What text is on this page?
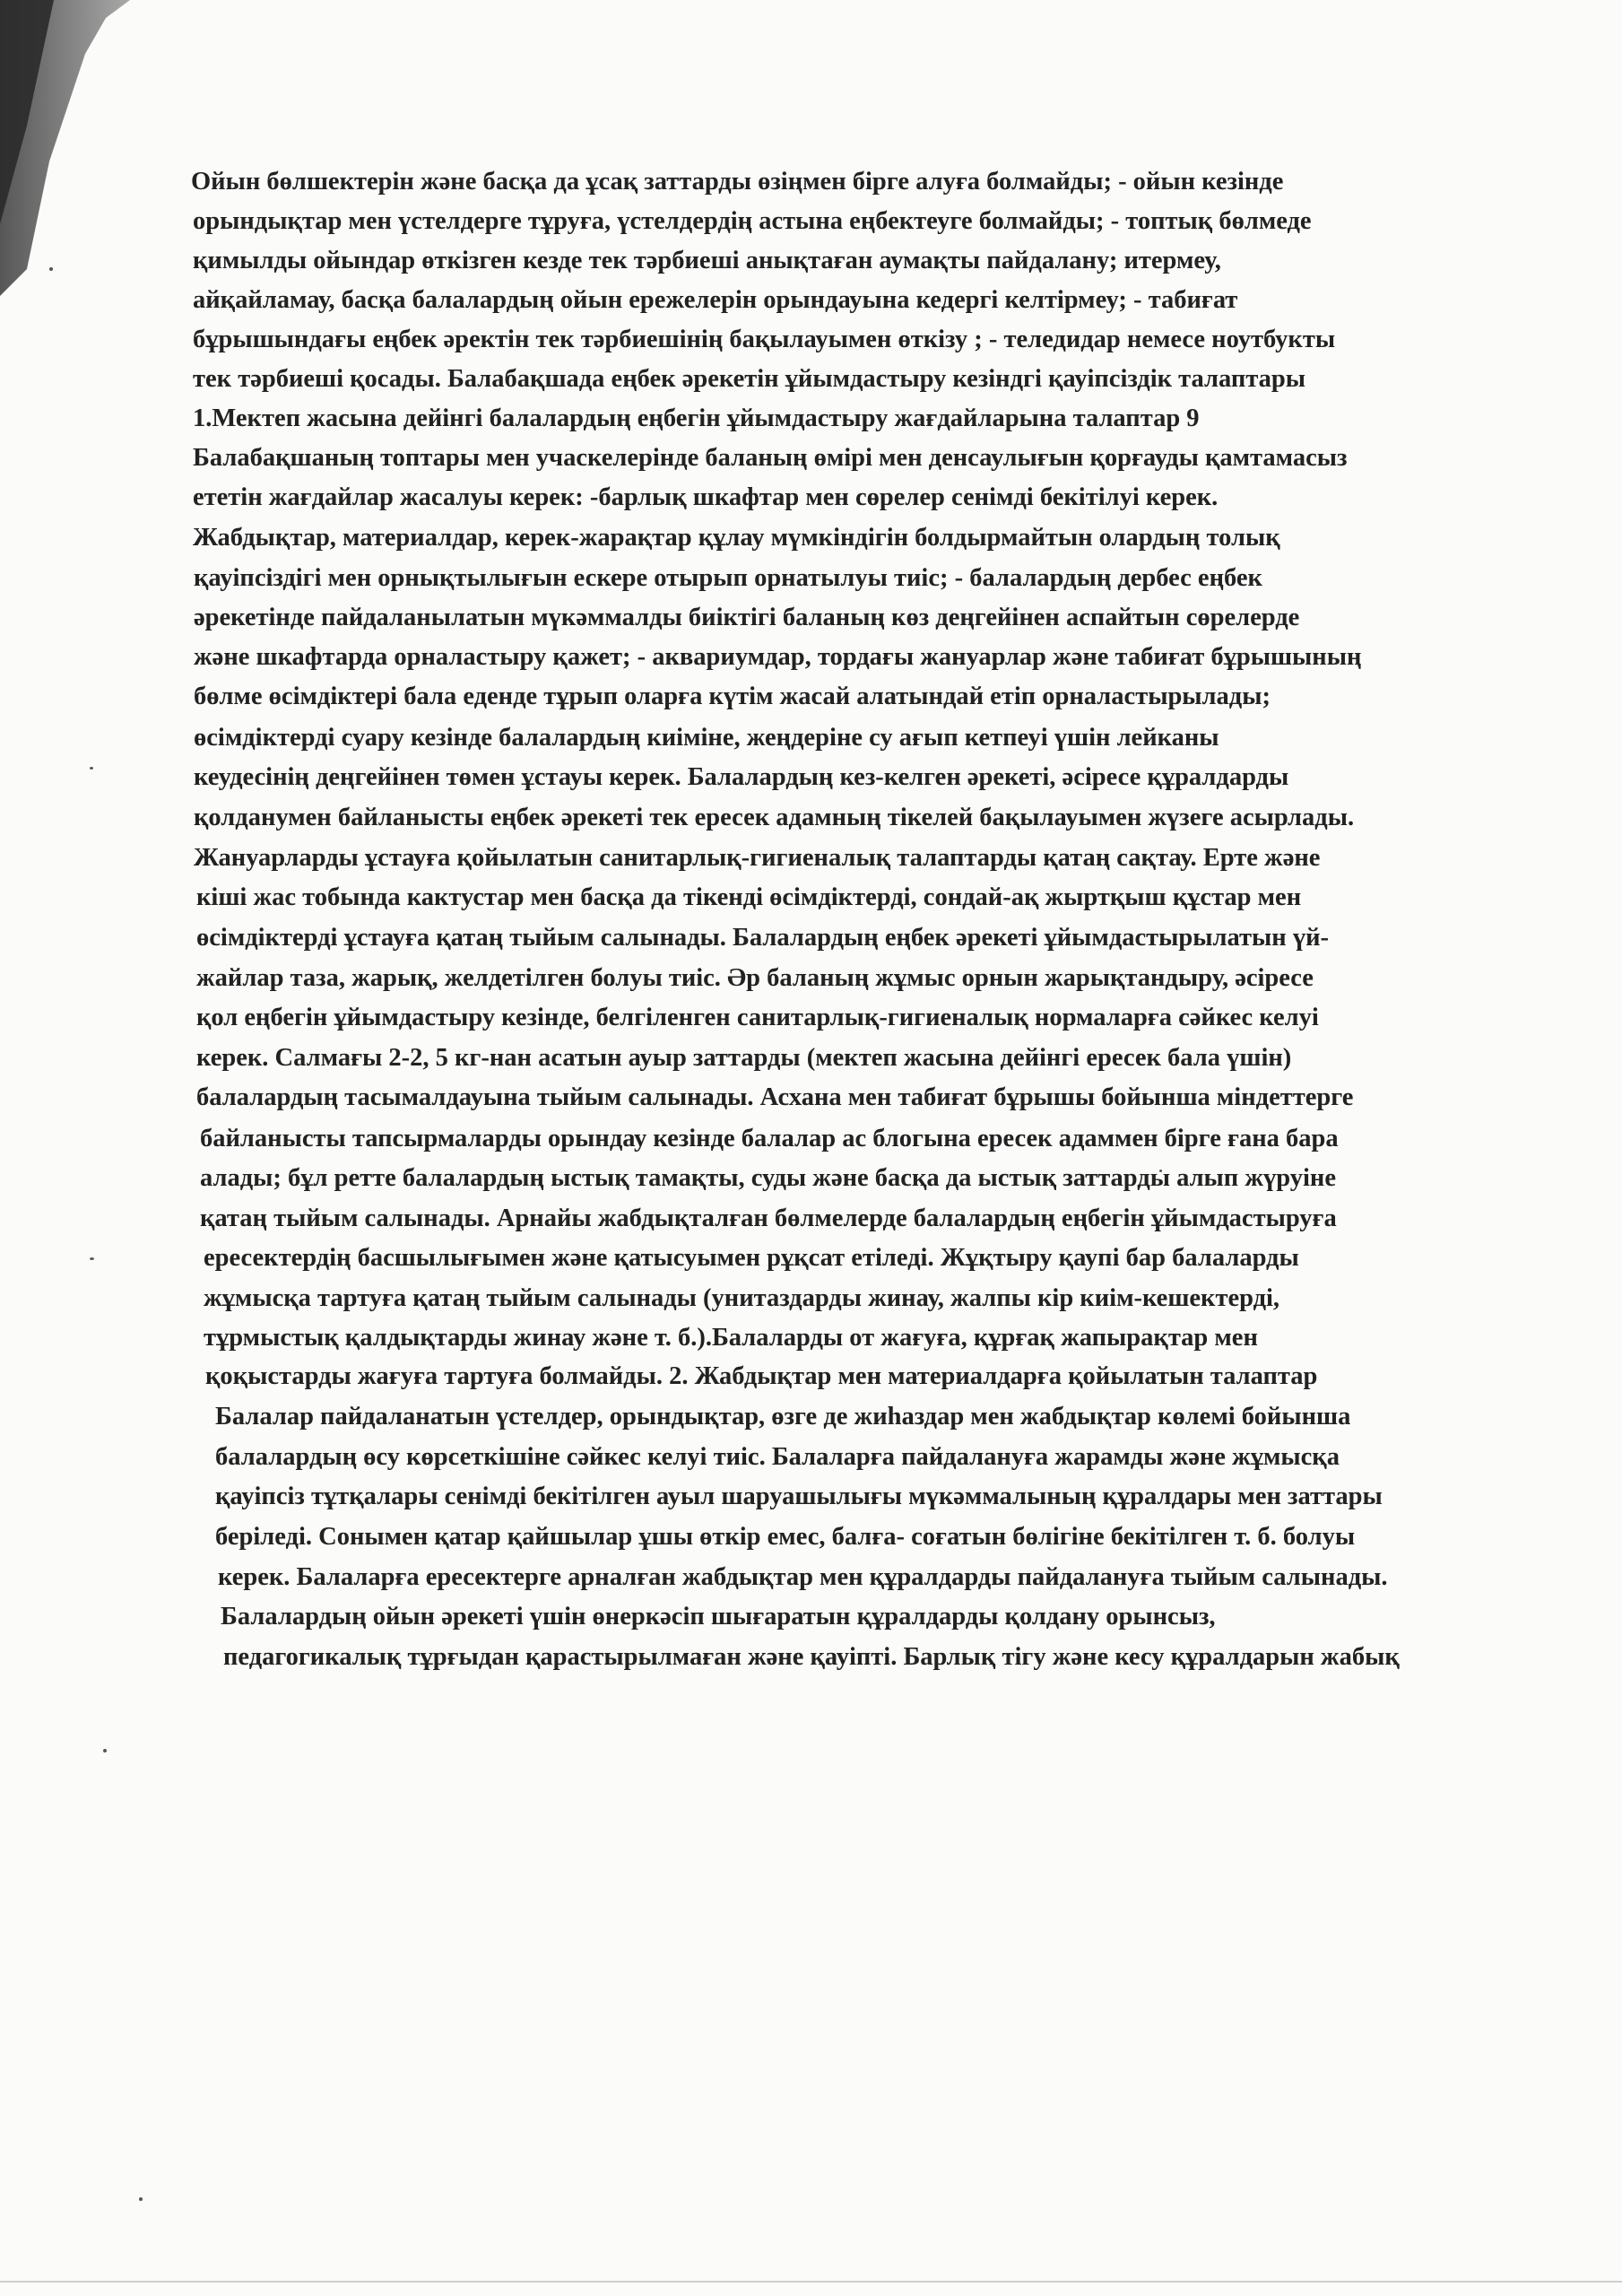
Ойын бөлшектерін және басқа да ұсақ заттарды өзіңмен бірге алуға болмайды; - ойын кезінде
орындықтар мен үстелдерге тұруға, үстелдердің астына еңбектеуге болмайды; - топтық бөлмеде
қимылды ойындар өткізген кезде тек тәрбиеші анықтаған аумақты пайдалану; итермеу,
айқайламау, басқа балалардың ойын ережелерін орындауына кедергі келтірмеу; - табиғат
бұрышындағы еңбек әректін тек тәрбиешінің бақылауымен өткізу ; - теледидар немесе ноутбукты
тек тәрбиеші қосады. Балабақшада еңбек әрекетін ұйымдастыру кезіндгі қауіпсіздік талаптары
1.Мектеп жасына дейінгі балалардың еңбегін ұйымдастыру жағдайларына талаптар 9
Балабақшаның топтары мен учаскелерінде баланың өмірі мен денсаулығын қорғауды қамтамасыз
ететін жағдайлар жасалуы керек: -барлық шкафтар мен сөрелер сенімді бекітілуі керек.
Жабдықтар, материалдар, керек-жарақтар құлау мүмкіндігін болдырмайтын олардың толық
қауіпсіздігі мен орнықтылығын ескере отырып орнатылуы тиіс; - балалардың дербес еңбек
әрекетінде пайдаланылатын мүкәммалды биіктігі баланың көз деңгейінен аспайтын сөрелерде
және шкафтарда орналастыру қажет; - аквариумдар, тордағы жануарлар және табиғат бұрышының
бөлме өсімдіктері бала еденде тұрып оларға күтім жасай алатындай етіп орналастырылады;
өсімдіктерді суару кезінде балалардың киіміне, жеңдеріне су ағып кетпеуі үшін лейканы
кеудесінің деңгейінен төмен ұстауы керек. Балалардың кез-келген әрекеті, әсіресе құралдарды
қолданумен байланысты еңбек әрекеті тек ересек адамның тікелей бақылауымен жүзеге асырлады.
Жануарларды ұстауға қойылатын санитарлық-гигиеналық талаптарды қатаң сақтау. Ерте және
кіші жас тобында кактустар мен басқа да тікенді өсімдіктерді, сондай-ақ жыртқыш құстар мен
өсімдіктерді ұстауға қатаң тыйым салынады. Балалардың еңбек әрекеті ұйымдастырылатын үй-
жайлар таза, жарық, желдетілген болуы тиіс. Әр баланың жұмыс орнын жарықтандыру, әсіресе
қол еңбегін ұйымдастыру кезінде, белгіленген санитарлық-гигиеналық нормаларға сәйкес келуі
керек. Салмағы 2-2, 5 кг-нан асатын ауыр заттарды (мектеп жасына дейінгі ересек бала үшін)
балалардың тасымалдауына тыйым салынады. Асхана мен табиғат бұрышы бойынша міндеттерге
байланысты тапсырмаларды орындау кезінде балалар ас блогына ересек адаммен бірге ғана бара
алады; бұл ретте балалардың ыстық тамақты, суды және басқа да ыстық заттарды алып жүруіне
қатаң тыйым салынады. Арнайы жабдықталған бөлмелерде балалардың еңбегін ұйымдастыруға
ересектердің басшылығымен және қатысуымен рұқсат етіледі. Жұқтыру қаупі бар балаларды
жұмысқа тартуға қатаң тыйым салынады (унитаздарды жинау, жалпы кір киім-кешектерді,
тұрмыстық қалдықтарды жинау және т. б.).Балаларды от жағуға, құрғақ жапырақтар мен
қоқыстарды жағуға тартуға болмайды. 2. Жабдықтар мен материалдарға қойылатын талаптар
Балалар пайдаланатын үстелдер, орындықтар, өзге де жиһаздар мен жабдықтар көлемі бойынша
балалардың өсу көрсеткішіне сәйкес келуі тиіс. Балаларға пайдалануға жарамды және жұмысқа
қауіпсіз тұтқалары сенімді бекітілген ауыл шаруашылығы мүкәммалының құралдары мен заттары
беріледі. Сонымен қатар қайшылар ұшы өткір емес, балға- соғатын бөлігіне бекітілген т. б. болуы
керек. Балаларға ересектерге арналған жабдықтар мен құралдарды пайдалануға тыйым салынады.
Балалардың ойын әрекеті үшін өнеркәсіп шығаратын құралдарды қолдану орынсыз,
педагогикалық тұрғыдан қарастырылмаған және қауіпті. Барлық тігу және кесу құралдарын жабық
